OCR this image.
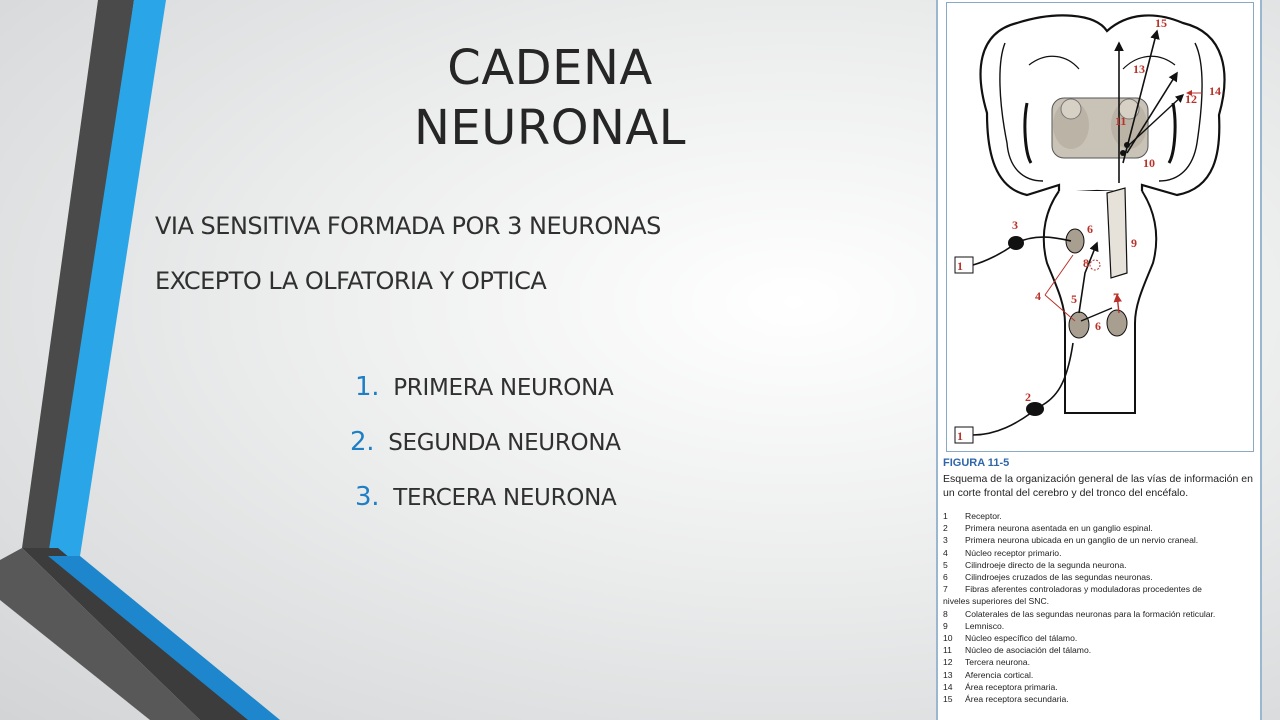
CADENA
NEURONAL
VIA SENSITIVA FORMADA POR 3 NEURONAS
EXCEPTO LA OLFATORIA Y OPTICA
1. PRIMERA NEURONA
2. SEGUNDA NEURONA
3. TERCERA NEURONA
15
13
14
12
11
10
3	6
9
1	8
4	5	7
6
2
1
FIGURA 11-5
Esquema de la organización general de las vías de información en un corte frontal del cerebro y del tronco del encéfalo.
1 Receptor.
2 Primera neurona asentada en un ganglio espinal.
3 Primera neurona ubicada en un ganglio de un nervio craneal.
4 Núcleo receptor primario.
5 Cilindroeje directo de la segunda neurona.
6 Cilindroejes cruzados de las segundas neuronas.
7 Fibras aferentes controladoras y moduladoras procedentes de
niveles superiores del SNC.
8 Colaterales de las segundas neuronas para la formación reticular.
9 Lemnisco.
10 Núcleo específico del tálamo.
11 Núcleo de asociación del tálamo.
12 Tercera neurona.
13 Aferencia cortical.
14 Área receptora primaria.
15 Área receptora secundaria.
